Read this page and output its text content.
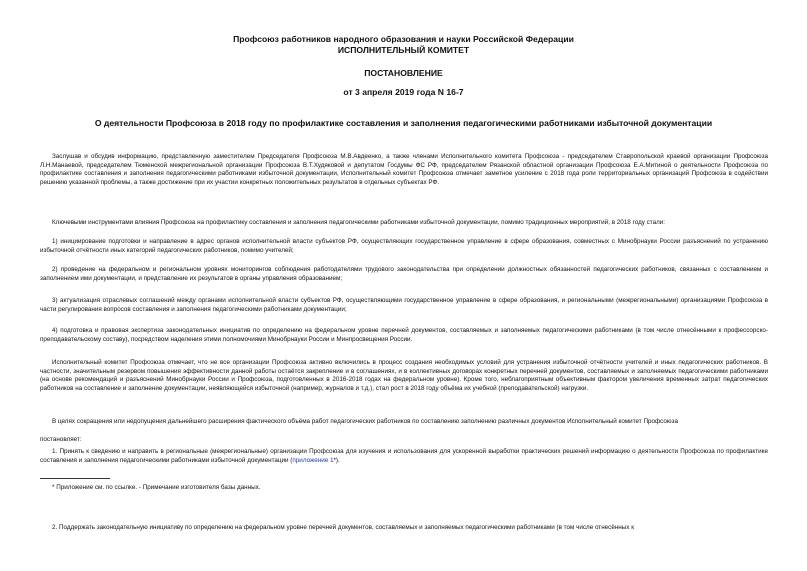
Профсоюз работников народного образования и науки Российской Федерации
ИСПОЛНИТЕЛЬНЫЙ КОМИТЕТ
ПОСТАНОВЛЕНИЕ
от 3 апреля 2019 года N 16-7
О деятельности Профсоюза в 2018 году по профилактике составления и заполнения педагогическими работниками избыточной документации

Заслушав и обсудив информацию, представленную заместителем Председателя Профсоюза М.В.Авдеенко, а также членами Исполнительного комитета Профсоюза - председателем Ставропольской краевой организации Профсоюза Л.Н.Манаевой, председателем Тюменской межрегиональной организации Профсоюза В.Т.Худяковой и депутатом Госдумы ФС РФ, председателем Рязанской областной организации Профсоюза Е.А.Митиной о деятельности Профсоюза по профилактике составления и заполнения педагогическими работниками избыточной документации, Исполнительный комитет Профсоюза отмечает заметное усиление с 2018 года роли территориальных организаций Профсоюза в содействии решению указанной проблемы, а также достижение при их участии конкретных положительных результатов в отдельных субъектах РФ.

Ключевыми инструментами влияния Профсоюза на профилактику составления и заполнения педагогическими работниками избыточной документации, помимо традиционных мероприятий, в 2018 году стали:

1) инициирование подготовки и направление в адрес органов исполнительной власти субъектов РФ, осуществляющих государственное управление в сфере образования, совместных с Минобрнауки России разъяснений по устранению избыточной отчётности иных категорий педагогических работников, помимо учителей;

2) проведение на федеральном и региональном уровнях мониторингов соблюдения работодателями трудового законодательства при определении должностных обязанностей педагогических работников, связанных с составлением и заполнением ими документации, и представление их результатов в органы управления образованием;

3) актуализация отраслевых соглашений между органами исполнительной власти субъектов РФ, осуществляющими государственное управление в сфере образования, и региональными (межрегиональными) организациями Профсоюза в части регулирования вопросов составления и заполнения педагогическими работниками документации;

4) подготовка и правовая экспертиза законодательных инициатив по определению на федеральном уровне перечней документов, составляемых и заполняемых педагогическими работниками (в том числе отнесёнными к профессорско-преподавательскому составу), посредством наделения этими полномочиями Минобрнауки России и Минпросвещения России.

Исполнительный комитет Профсоюза отмечает, что не все организации Профсоюза активно включились в процесс создания необходимых условий для устранения избыточной отчётности учителей и иных педагогических работников. В частности, значительным резервом повышения эффективности данной работы остаётся закрепление и в соглашениях, и в коллективных договорах конкретных перечней документов, составляемых и заполняемых педагогическими работниками (на основе рекомендаций и разъяснений Минобрнауки России и Профсоюза, подготовленных в 2016-2018 годах на федеральном уровне). Кроме того, неблагоприятным объективным фактором увеличения временных затрат педагогических работников на составление и заполнение документации, неявляющейся избыточной (например, журналов и т.д.), стал рост в 2018 году объёма их учебной (преподавательской) нагрузки.

В целях сокращения или недопущения дальнейшего расширения фактического объёма работ педагогических работников по составлению заполнению различных документов Исполнительный комитет Профсоюза

постановляет:

1. Принять к сведению и направить в региональные (межрегиональные) организации Профсоюза для изучения и использования для ускоренной выработки практических решений информацию о деятельности Профсоюза по профилактике составления и заполнения педагогическими работниками избыточной документации (приложение 1*).

* Приложение см. по ссылке. - Примечание изготовителя базы данных.

2. Поддержать законодательную инициативу по определению на федеральном уровне перечней документов, составляемых и заполняемых педагогическими работниками (в том числе отнесённых к
